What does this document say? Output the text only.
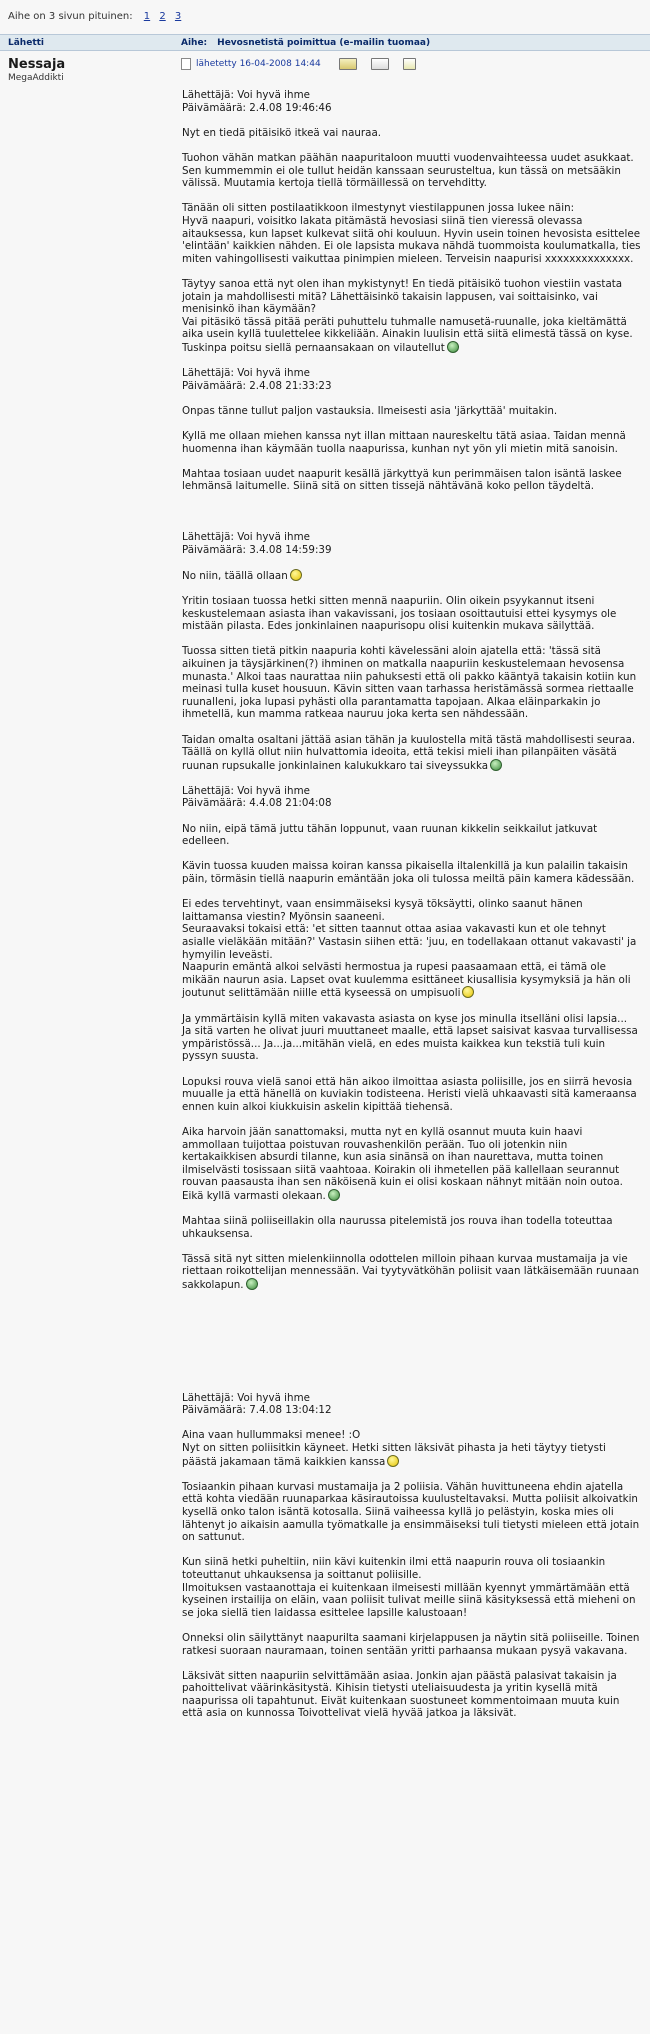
Aihe on 3 sivun pituinen: 1 2 3
Lähetti	Aihe: Hevosnetistä poimittua (e-mailin tuomaa)
Nessaja
MegaAddikti
lähetetty 16-04-2008 14:44

Lähettäjä: Voi hyvä ihme
Päivämäärä: 2.4.08 19:46:46

Nyt en tiedä pitäisikö itkeä vai nauraa.

Tuohon vähän matkan päähän naapuritaloon muutti vuodenvaihteessa uudet asukkaat. Sen kummemmin ei ole tullut heidän kanssaan seurusteltua, kun tässä on metsääkin välissä. Muutamia kertoja tiellä törmäillessä on tervehditty.

Tänään oli sitten postilaatikkoon ilmestynyt viestilappunen jossa lukee näin:
Hyvä naapuri, voisitko lakata pitämästä hevosiasi siinä tien vieressä olevassa aitauksessa, kun lapset kulkevat siitä ohi kouluun. Hyvin usein toinen hevosista esittelee 'elintään' kaikkien nähden. Ei ole lapsista mukava nähdä tuommoista koulumatkalla, ties miten vahingollisesti vaikuttaa pinimpien mieleen. Terveisin naapurisi xxxxxxxxxxxxxx.

Täytyy sanoa että nyt olen ihan mykistynyt! En tiedä pitäisikö tuohon viestiin vastata jotain ja mahdollisesti mitä? Lähettäisinkö takaisin lappusen, vai soittaisinko, vai menisinkö ihan käymään?
Vai pitäsikö tässä pitää peräti puhuttelu tuhmalle namusetä-ruunalle, joka kieltämättä aika usein kyllä tuulettelee kikkeliään. Ainakin luulisin että siitä elimestä tässä on kyse. Tuskinpa poitsu siellä pernaansakaan on vilautellut

Lähettäjä: Voi hyvä ihme
Päivämäärä: 2.4.08 21:33:23

Onpas tänne tullut paljon vastauksia. Ilmeisesti asia 'järkyttää' muitakin.

Kyllä me ollaan miehen kanssa nyt illan mittaan naureskeltu tätä asiaa. Taidan mennä huomenna ihan käymään tuolla naapurissa, kunhan nyt yön yli mietin mitä sanoisin.

Mahtaa tosiaan uudet naapurit kesällä järkyttyä kun perimmäisen talon isäntä laskee lehmänsä laitumelle. Siinä sitä on sitten tissejä nähtävänä koko pellon täydeltä.

Lähettäjä: Voi hyvä ihme
Päivämäärä: 3.4.08 14:59:39

No niin, täällä ollaan

Yritin tosiaan tuossa hetki sitten mennä naapuriin. Olin oikein psyykannut itseni keskustelemaan asiasta ihan vakavissani, jos tosiaan osoittautuisi ettei kysymys ole mistään pilasta. Edes jonkinlainen naapurisopu olisi kuitenkin mukava säilyttää.

Tuossa sitten tietä pitkin naapuria kohti kävelessäni aloin ajatella että: 'tässä sitä aikuinen ja täysjärkinen(?) ihminen on matkalla naapuriin keskustelemaan hevosensa munasta.' Alkoi taas naurattaa niin pahuksesti että oli pakko kääntyä takaisin kotiin kun meinasi tulla kuset housuun. Kävin sitten vaan tarhassa heristämässä sormea riettaalle ruunalleni, joka lupasi pyhästi olla parantamatta tapojaan. Alkaa eläinparkakin jo ihmetellä, kun mamma ratkeaa nauruu joka kerta sen nähdessään.

Taidan omalta osaltani jättää asian tähän ja kuulostella mitä tästä mahdollisesti seuraa.
Täällä on kyllä ollut niin hulvattomia ideoita, että tekisi mieli ihan pilanpäiten väsätä ruunan rupsukalle jonkinlainen kalukukkaro tai siveyssukka

Lähettäjä: Voi hyvä ihme
Päivämäärä: 4.4.08 21:04:08

No niin, eipä tämä juttu tähän loppunut, vaan ruunan kikkelin seikkailut jatkuvat edelleen.

Kävin tuossa kuuden maissa koiran kanssa pikaisella iltalenkillä ja kun palailin takaisin päin, törmäsin tiellä naapurin emäntään joka oli tulossa meiltä päin kamera kädessään.

Ei edes tervehtinyt, vaan ensimmäiseksi kysyä töksäytti, olinko saanut hänen laittamansa viestin? Myönsin saaneeni.
Seuraavaksi tokaisi että: 'et sitten taannut ottaa asiaa vakavasti kun et ole tehnyt asialle vieläkään mitään?' Vastasin siihen että: 'juu, en todellakaan ottanut vakavasti' ja hymyilin leveästi.
Naapurin emäntä alkoi selvästi hermostua ja rupesi paasaamaan että, ei tämä ole mikään naurun asia. Lapset ovat kuulemma esittäneet kiusallisia kysymyksiä ja hän oli joutunut selittämään niille että kyseessä on umpisuoli

Ja ymmärtäisin kyllä miten vakavasta asiasta on kyse jos minulla itselläni olisi lapsia...
Ja sitä varten he olivat juuri muuttaneet maalle, että lapset saisivat kasvaa turvallisessa ympäristössä... Ja...ja...mitähän vielä, en edes muista kaikkea kun tekstiä tuli kuin pyssyn suusta.

Lopuksi rouva vielä sanoi että hän aikoo ilmoittaa asiasta poliisille, jos en siirrä hevosia muualle ja että hänellä on kuviakin todisteena. Heristi vielä uhkaavasti sitä kameraansa ennen kuin alkoi kiukkuisin askelin kipittää tiehensä.

Aika harvoin jään sanattomaksi, mutta nyt en kyllä osannut muuta kuin haavi ammollaan tuijottaa poistuvan rouvashenkilön perään. Tuo oli jotenkin niin kertakaikkisen absurdi tilanne, kun asia sinänsä on ihan naurettava, mutta toinen ilmiselvästi tosissaan siitä vaahtoaa. Koirakin oli ihmetellen pää kallellaan seurannut rouvan paasausta ihan sen näköisenä kuin ei olisi koskaan nähnyt mitään noin outoa. Eikä kyllä varmasti olekaan.

Mahtaa siinä poliiseillakin olla naurussa pitelemistä jos rouva ihan todella toteuttaa uhkauksensa.

Tässä sitä nyt sitten mielenkiinnolla odottelen milloin pihaan kurvaa mustamaija ja vie riettaan roikottelijan mennessään. Vai tyytyvätköhän poliisit vaan lätkäisemään ruunaan sakkolapun.

Lähettäjä: Voi hyvä ihme
Päivämäärä: 7.4.08 13:04:12

Aina vaan hullummaksi menee! :O
Nyt on sitten poliisitkin käyneet. Hetki sitten läksivät pihasta ja heti täytyy tietysti päästä jakamaan tämä kaikkien kanssa

Tosiaankin pihaan kurvasi mustamaija ja 2 poliisia. Vähän huvittuneena ehdin ajatella että kohta viedään ruunaparkaa käsirautoissa kuulusteltavaksi. Mutta poliisit alkoivatkin kysellä onko talon isäntä kotosalla. Siinä vaiheessa kyllä jo pelästyin, koska mies oli lähtenyt jo aikaisin aamulla työmatkalle ja ensimmäiseksi tuli tietysti mieleen että jotain on sattunut.

Kun siinä hetki puheltiin, niin kävi kuitenkin ilmi että naapurin rouva oli tosiaankin toteuttanut uhkauksensa ja soittanut poliisille.
Ilmoituksen vastaanottaja ei kuitenkaan ilmeisesti millään kyennyt ymmärtämään että kyseinen irstailija on eläin, vaan poliisit tulivat meille siinä käsityksessä että mieheni on se joka siellä tien laidassa esittelee lapsille kalustoaan!

Onneksi olin säilyttänyt naapurilta saamani kirjelappusen ja näytin sitä poliiseille. Toinen ratkesi suoraan nauramaan, toinen sentään yritti parhaansa mukaan pysyä vakavana.

Läksivät sitten naapuriin selvittämään asiaa. Jonkin ajan päästä palasivat takaisin ja pahoittelivat väärinkäsitystä. Kihisin tietysti uteliaisuudesta ja yritin kysellä mitä naapurissa oli tapahtunut. Eivät kuitenkaan suostuneet kommentoimaan muuta kuin että asia on kunnossa Toivottelivat vielä hyvää jatkoa ja läksivät.
